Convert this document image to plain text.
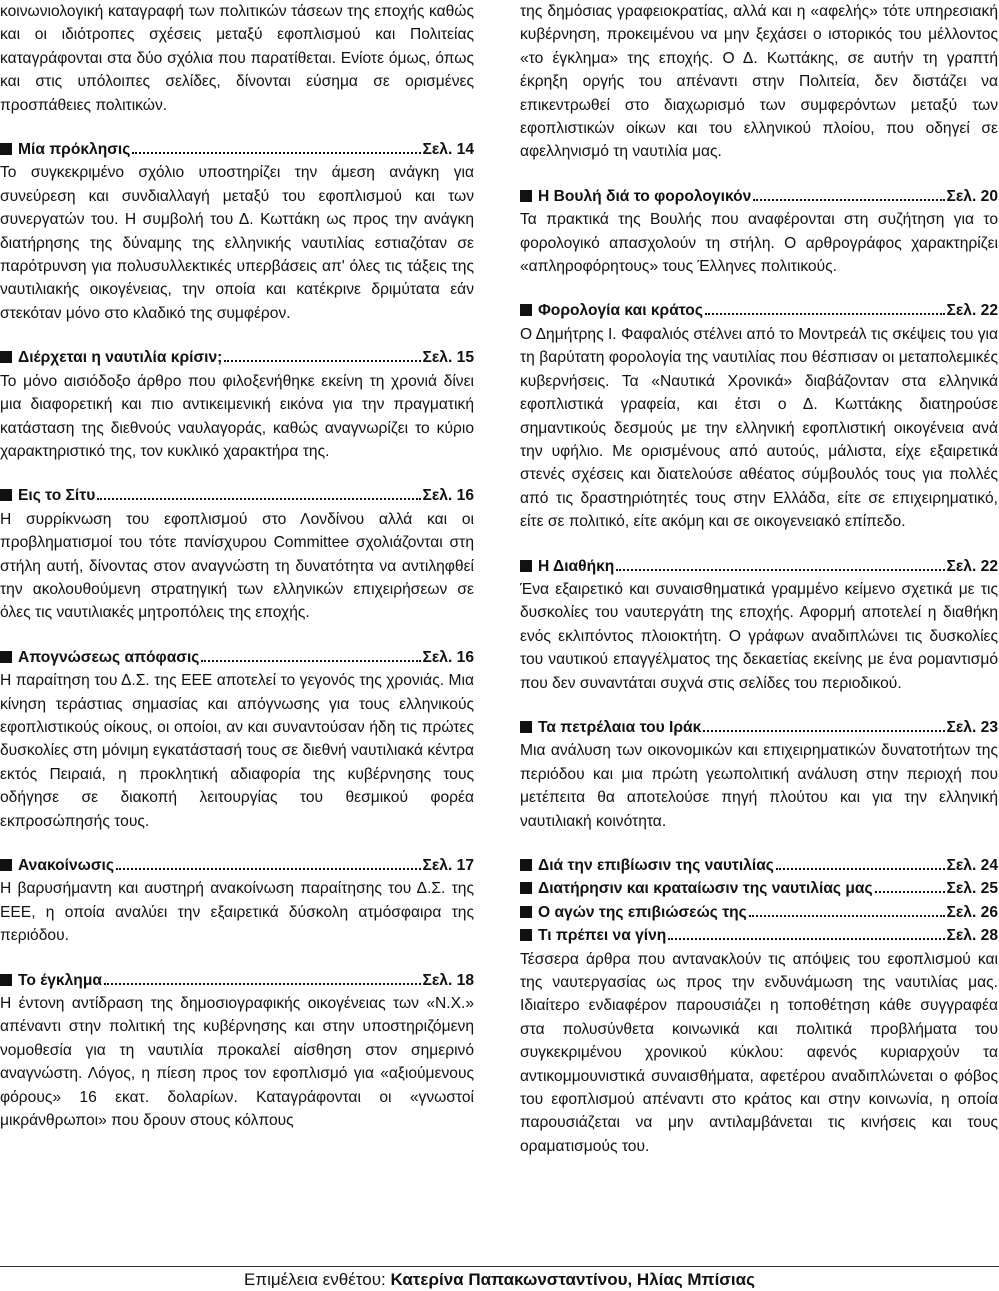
κοινωνιολογική καταγραφή των πολιτικών τάσεων της εποχής καθώς και οι ιδιότροπες σχέσεις μεταξύ εφοπλισμού και Πολιτείας καταγράφονται στα δύο σχόλια που παρατίθεται. Ενίοτε όμως, όπως και στις υπόλοιπες σελίδες, δίνονται εύσημα σε ορισμένες προσπάθειες πολιτικών.

Μία πρόκλησις	Σελ. 14

Το συγκεκριμένο σχόλιο υποστηρίζει την άμεση ανάγκη για συνεύρεση και συνδιαλλαγή μεταξύ του εφοπλισμού και των συνεργατών του. Η συμβολή του Δ. Κωττάκη ως προς την ανάγκη διατήρησης της δύναμης της ελληνικής ναυτιλίας εστιαζόταν σε παρότρυνση για πολυσυλλεκτικές υπερβάσεις απ' όλες τις τάξεις της ναυτιλιακής οικογένειας, την οποία και κατέκρινε δριμύτατα εάν στεκόταν μόνο στο κλαδικό της συμφέρον.

Διέρχεται η ναυτιλία κρίσιν;	Σελ. 15

Το μόνο αισιόδοξο άρθρο που φιλοξενήθηκε εκείνη τη χρονιά δίνει μια διαφορετική και πιο αντικειμενική εικόνα για την πραγματική κατάσταση της διεθνούς ναυλαγοράς, καθώς αναγνωρίζει το κύριο χαρακτηριστικό της, τον κυκλικό χαρακτήρα της.

Εις το Σίτυ	Σελ. 16

Η συρρίκνωση του εφοπλισμού στο Λονδίνου αλλά και οι προβληματισμοί του τότε πανίσχυρου Committee σχολιάζονται στη στήλη αυτή, δίνοντας στον αναγνώστη τη δυνατότητα να αντιληφθεί την ακολουθούμενη στρατηγική των ελληνικών επιχειρήσεων σε όλες τις ναυτιλιακές μητροπόλεις της εποχής.

Απογνώσεως απόφασις	Σελ. 16

Η παραίτηση του Δ.Σ. της ΕΕΕ αποτελεί το γεγονός της χρονιάς. Μια κίνηση τεράστιας σημασίας και απόγνωσης για τους ελληνικούς εφοπλιστικούς οίκους, οι οποίοι, αν και συναντούσαν ήδη τις πρώτες δυσκολίες στη μόνιμη εγκατάστασή τους σε διεθνή ναυτιλιακά κέντρα εκτός Πειραιά, η προκλητική αδιαφορία της κυβέρνησης τους οδήγησε σε διακοπή λειτουργίας του θεσμικού φορέα εκπροσώπησής τους.

Ανακοίνωσις	Σελ. 17

Η βαρυσήμαντη και αυστηρή ανακοίνωση παραίτησης του Δ.Σ. της ΕΕΕ, η οποία αναλύει την εξαιρετικά δύσκολη ατμόσφαιρα της περιόδου.

Το έγκλημα	Σελ. 18

Η έντονη αντίδραση της δημοσιογραφικής οικογένειας των «Ν.Χ.» απέναντι στην πολιτική της κυβέρνησης και στην υποστηριζόμενη νομοθεσία για τη ναυτιλία προκαλεί αίσθηση στον σημερινό αναγνώστη. Λόγος, η πίεση προς τον εφοπλισμό για «αξιούμενους φόρους» 16 εκατ. δολαρίων. Καταγράφονται οι «γνωστοί μικράνθρωποι» που δρουν στους κόλπους

της δημόσιας γραφειοκρατίας, αλλά και η «αφελής» τότε υπηρεσιακή κυβέρνηση, προκειμένου να μην ξεχάσει ο ιστορικός του μέλλοντος «το έγκλημα» της εποχής. Ο Δ. Κωττάκης, σε αυτήν τη γραπτή έκρηξη οργής του απέναντι στην Πολιτεία, δεν διστάζει να επικεντρωθεί στο διαχωρισμό των συμφερόντων μεταξύ των εφοπλιστικών οίκων και του ελληνικού πλοίου, που οδηγεί σε αφελληνισμό τη ναυτιλία μας.

Η Βουλή διά το φορολογικόν	Σελ. 20

Τα πρακτικά της Βουλής που αναφέρονται στη συζήτηση για το φορολογικό απασχολούν τη στήλη. Ο αρθρογράφος χαρακτηρίζει «απληροφόρητους» τους Έλληνες πολιτικούς.

Φορολογία και κράτος	Σελ. 22

Ο Δημήτρης Ι. Φαφαλιός στέλνει από το Μοντρεάλ τις σκέψεις του για τη βαρύτατη φορολογία της ναυτιλίας που θέσπισαν οι μεταπολεμικές κυβερνήσεις. Τα «Ναυτικά Χρονικά» διαβάζονταν στα ελληνικά εφοπλιστικά γραφεία, και έτσι ο Δ. Κωττάκης διατηρούσε σημαντικούς δεσμούς με την ελληνική εφοπλιστική οικογένεια ανά την υφήλιο. Με ορισμένους από αυτούς, μάλιστα, είχε εξαιρετικά στενές σχέσεις και διατελούσε αθέατος σύμβουλός τους για πολλές από τις δραστηριότητές τους στην Ελλάδα, είτε σε επιχειρηματικό, είτε σε πολιτικό, είτε ακόμη και σε οικογενειακό επίπεδο.

Η Διαθήκη	Σελ. 22

Ένα εξαιρετικό και συναισθηματικά γραμμένο κείμενο σχετικά με τις δυσκολίες του ναυτεργάτη της εποχής. Αφορμή αποτελεί η διαθήκη ενός εκλιπόντος πλοιοκτήτη. Ο γράφων αναδιπλώνει τις δυσκολίες του ναυτικού επαγγέλματος της δεκαετίας εκείνης με ένα ρομαντισμό που δεν συναντάται συχνά στις σελίδες του περιοδικού.

Τα πετρέλαια του Ιράκ	Σελ. 23

Μια ανάλυση των οικονομικών και επιχειρηματικών δυνατοτήτων της περιόδου και μια πρώτη γεωπολιτική ανάλυση στην περιοχή που μετέπειτα θα αποτελούσε πηγή πλούτου και για την ελληνική ναυτιλιακή κοινότητα.

Διά την επιβίωσιν της ναυτιλίας	Σελ. 24
Διατήρησιν και κραταίωσιν της ναυτιλίας μας	Σελ. 25
Ο αγών της επιβιώσεώς της	Σελ. 26
Τι πρέπει να γίνη	Σελ. 28

Τέσσερα άρθρα που αντανακλούν τις απόψεις του εφοπλισμού και της ναυτεργασίας ως προς την ενδυνάμωση της ναυτιλίας μας. Ιδιαίτερο ενδιαφέρον παρουσιάζει η τοποθέτηση κάθε συγγραφέα στα πολυσύνθετα κοινωνικά και πολιτικά προβλήματα του συγκεκριμένου χρονικού κύκλου: αφενός κυριαρχούν τα αντικομμουνιστικά συναισθήματα, αφετέρου αναδιπλώνεται ο φόβος του εφοπλισμού απέναντι στο κράτος και στην κοινωνία, η οποία παρουσιάζεται να μην αντιλαμβάνεται τις κινήσεις και τους οραματισμούς του.

Επιμέλεια ενθέτου: Κατερίνα Παπακωνσταντίνου, Ηλίας Μπίσιας
